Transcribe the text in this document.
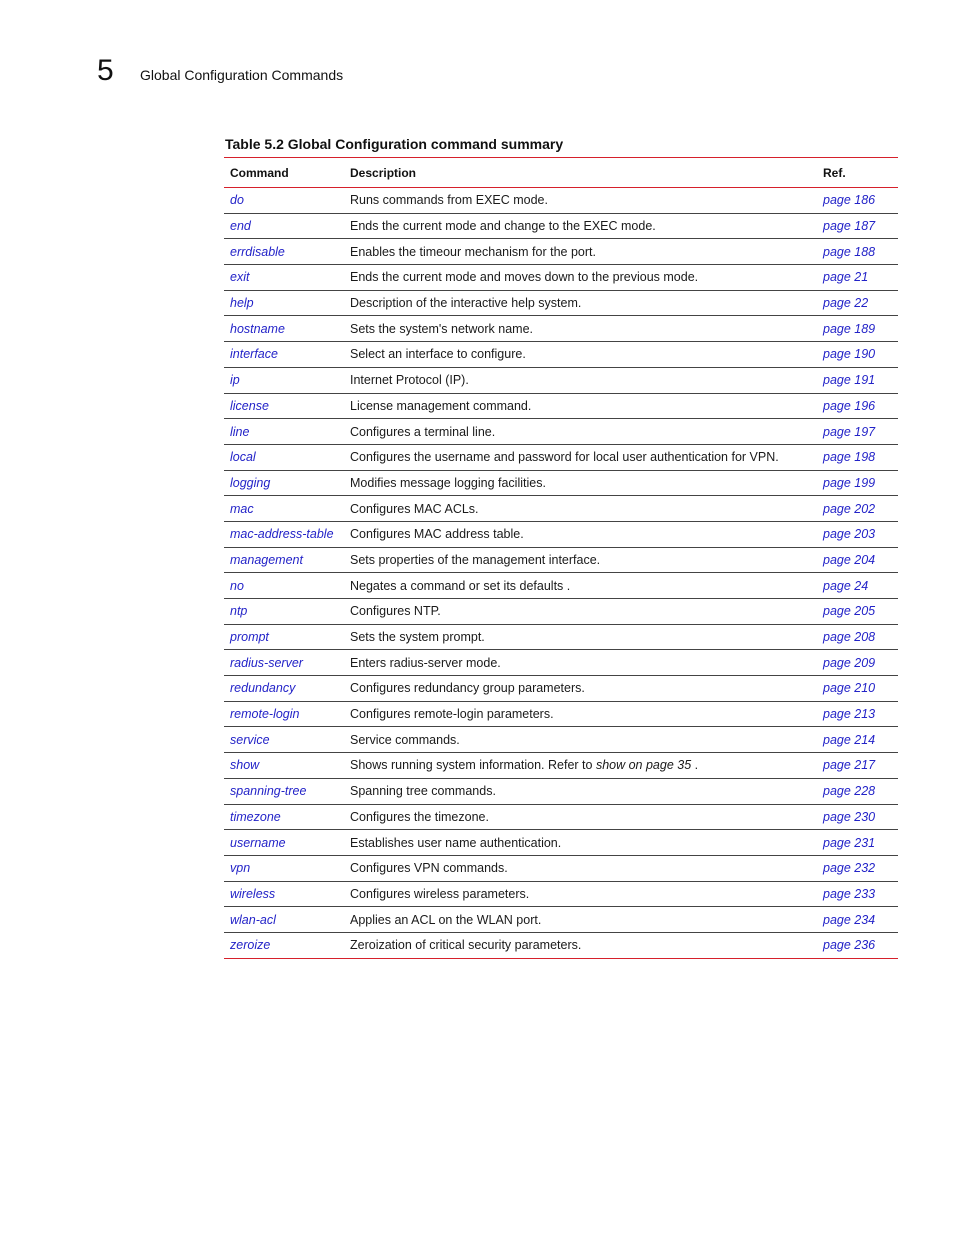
5 Global Configuration Commands
Table 5.2 Global Configuration command summary
Command	Description	Ref.
do	Runs commands from EXEC mode.	page 186
end	Ends the current mode and change to the EXEC mode.	page 187
errdisable	Enables the timeour mechanism for the port.	page 188
exit	Ends the current mode and moves down to the previous mode.	page 21
help	Description of the interactive help system.	page 22
hostname	Sets the system's network name.	page 189
interface	Select an interface to configure.	page 190
ip	Internet Protocol (IP).	page 191
license	License management command.	page 196
line	Configures a terminal line.	page 197
local	Configures the username and password for local user authentication for VPN.	page 198
logging	Modifies message logging facilities.	page 199
mac	Configures MAC ACLs.	page 202
mac-address-table	Configures MAC address table.	page 203
management	Sets properties of the management interface.	page 204
no	Negates a command or set its defaults .	page 24
ntp	Configures NTP.	page 205
prompt	Sets the system prompt.	page 208
radius-server	Enters radius-server mode.	page 209
redundancy	Configures redundancy group parameters.	page 210
remote-login	Configures remote-login parameters.	page 213
service	Service commands.	page 214
show	Shows running system information. Refer to show on page 35 .	page 217
spanning-tree	Spanning tree commands.	page 228
timezone	Configures the timezone.	page 230
username	Establishes user name authentication.	page 231
vpn	Configures VPN commands.	page 232
wireless	Configures wireless parameters.	page 233
wlan-acl	Applies an ACL on the WLAN port.	page 234
zeroize	Zeroization of critical security parameters.	page 236
